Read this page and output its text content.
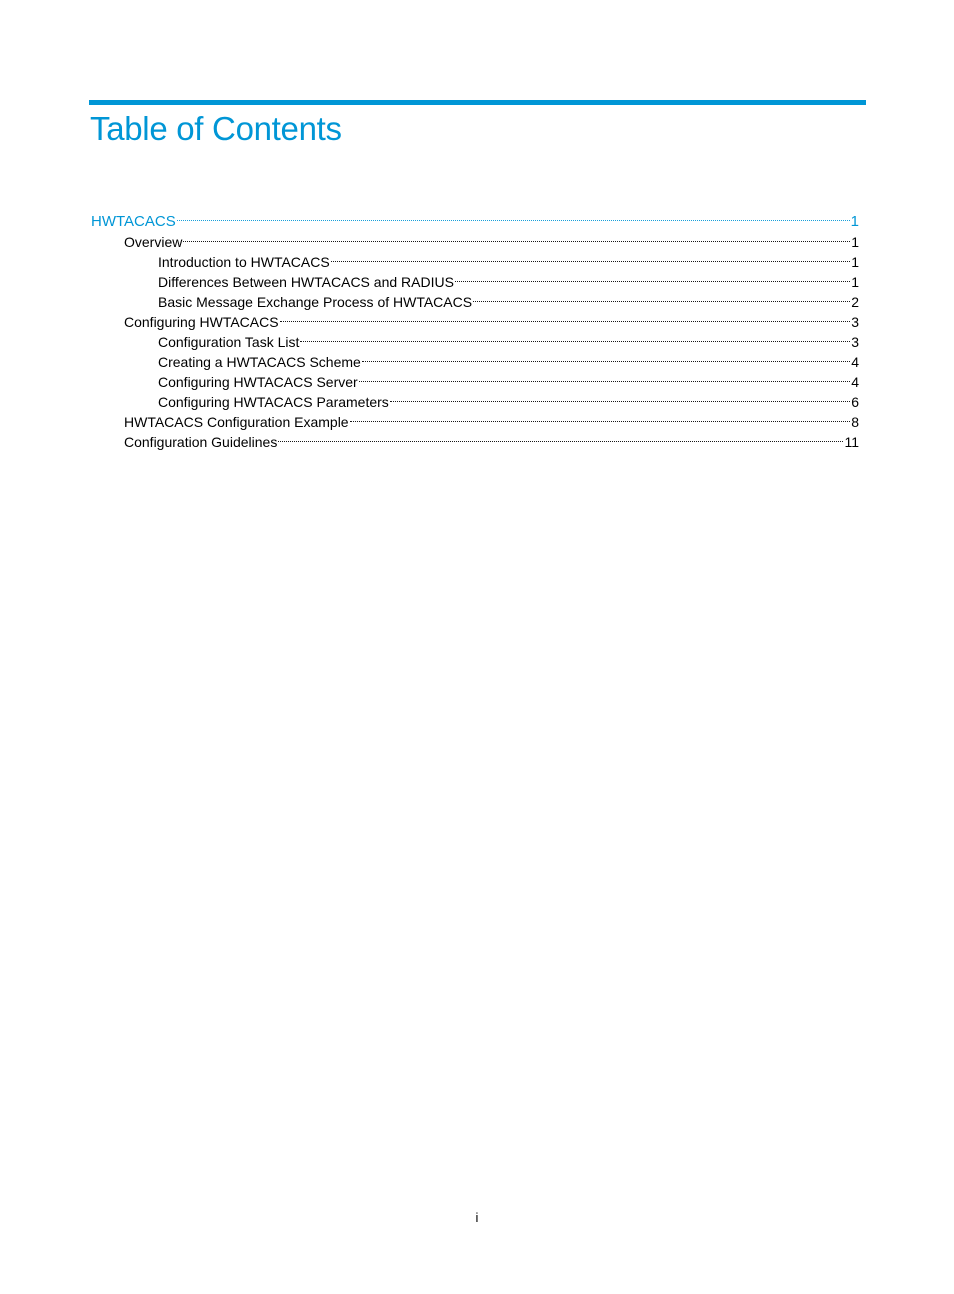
Table of Contents
HWTACACS	1
Overview	1
Introduction to HWTACACS	1
Differences Between HWTACACS and RADIUS	1
Basic Message Exchange Process of HWTACACS	2
Configuring HWTACACS	3
Configuration Task List	3
Creating a HWTACACS Scheme	4
Configuring HWTACACS Server	4
Configuring HWTACACS Parameters	6
HWTACACS Configuration Example	8
Configuration Guidelines	11
i
